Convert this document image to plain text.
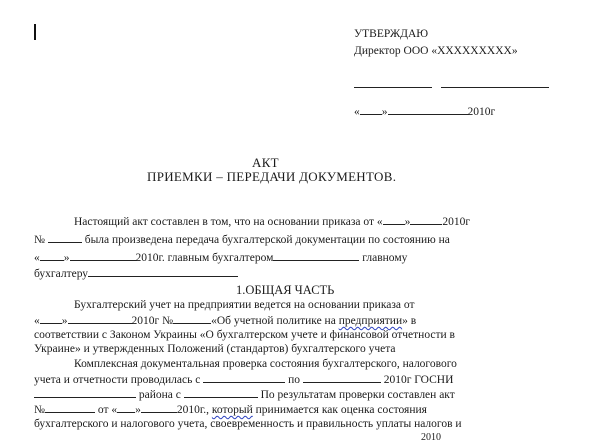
УТВЕРЖДАЮ
Директор ООО «ХХХХХХХХХ»

« »	2010г
АКТ
ПРИЕМКИ – ПЕРЕДАЧИ ДОКУМЕНТОВ.
Настоящий акт составлен в том, что на основании приказа от « »	2010г
№	была произведена передача бухгалтерской документации по состоянию на
« »	2010г. главным бухгалтером	главному
бухгалтеру
1.ОБЩАЯ ЧАСТЬ
Бухгалтерский учет на предприятии ведется на основании приказа от
« »	2010г №	«Об учетной политике на предприятии» в
соответствии с Законом Украины «О бухгалтерском учете и финансовой отчетности в
Украине» и утвержденных Положений (стандартов) бухгалтерского учета
Комплексная документальная проверка состояния бухгалтерского, налогового
учета и отчетности проводилась с	по	2010г ГОСНИ
района с	По результатам проверки составлен акт
№	от « »	2010г., который принимается как оценка состояния
бухгалтерского и налогового учета, своевременность и правильность уплаты налогов и
2010
